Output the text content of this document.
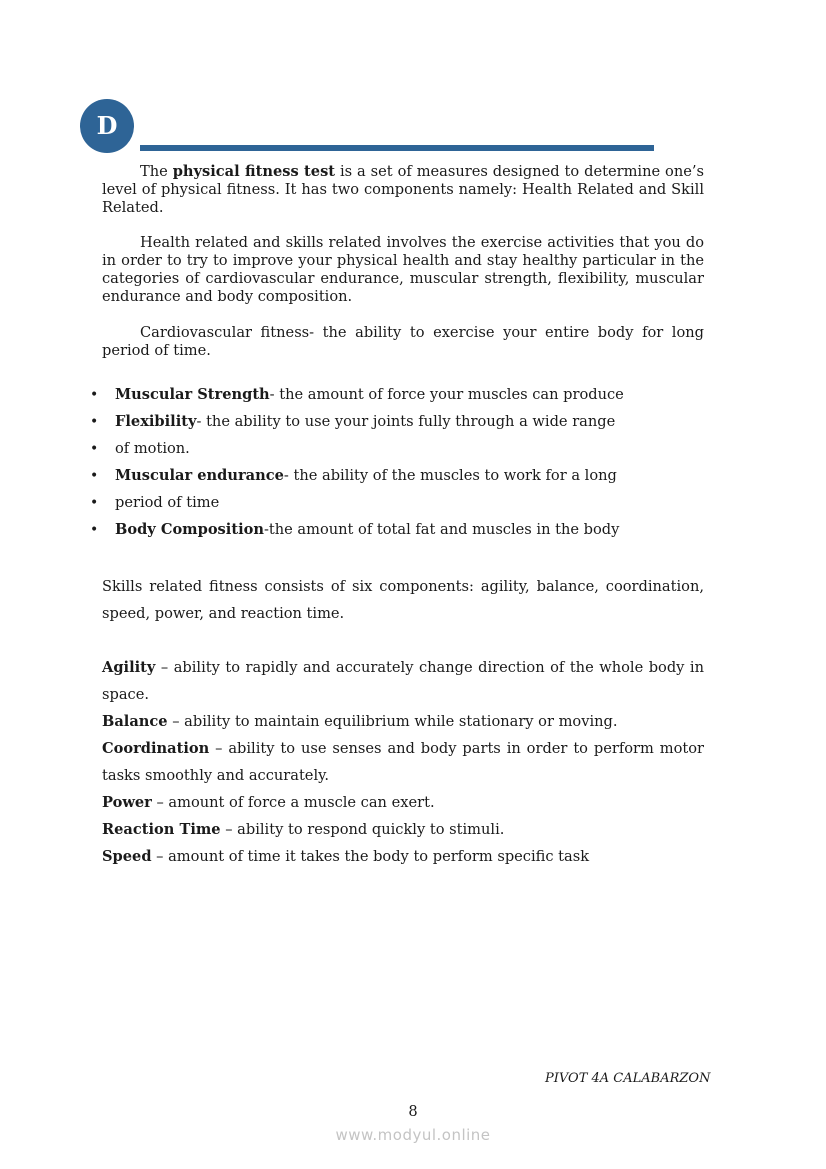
D

The physical fitness test is a set of measures designed to determine one’s level of physical fitness. It has two components namely: Health Related and Skill Related.

Health related and skills related involves the exercise activities that you do in order to try to improve your physical health and stay healthy particular in the categories of cardiovascular endurance, muscular strength, flexibility, muscular endurance and body composition.

Cardiovascular fitness- the ability to exercise your entire body for long period of time.

• Muscular Strength- the amount of force your muscles can produce
• Flexibility- the ability to use your joints fully through a wide range
• of motion.
• Muscular endurance- the ability of the muscles to work for a long
• period of time
• Body Composition-the amount of total fat and muscles in the body

Skills related fitness consists of six components: agility, balance, coordination, speed, power, and reaction time.

Agility – ability to rapidly and accurately change direction of the whole body in space.

Balance – ability to maintain equilibrium while stationary or moving.

Coordination – ability to use senses and body parts in order to perform motor tasks smoothly and accurately.

Power – amount of force a muscle can exert.

Reaction Time – ability to respond quickly to stimuli.

Speed – amount of time it takes the body to perform specific task

PIVOT 4A CALABARZON
8
www.modyul.online
